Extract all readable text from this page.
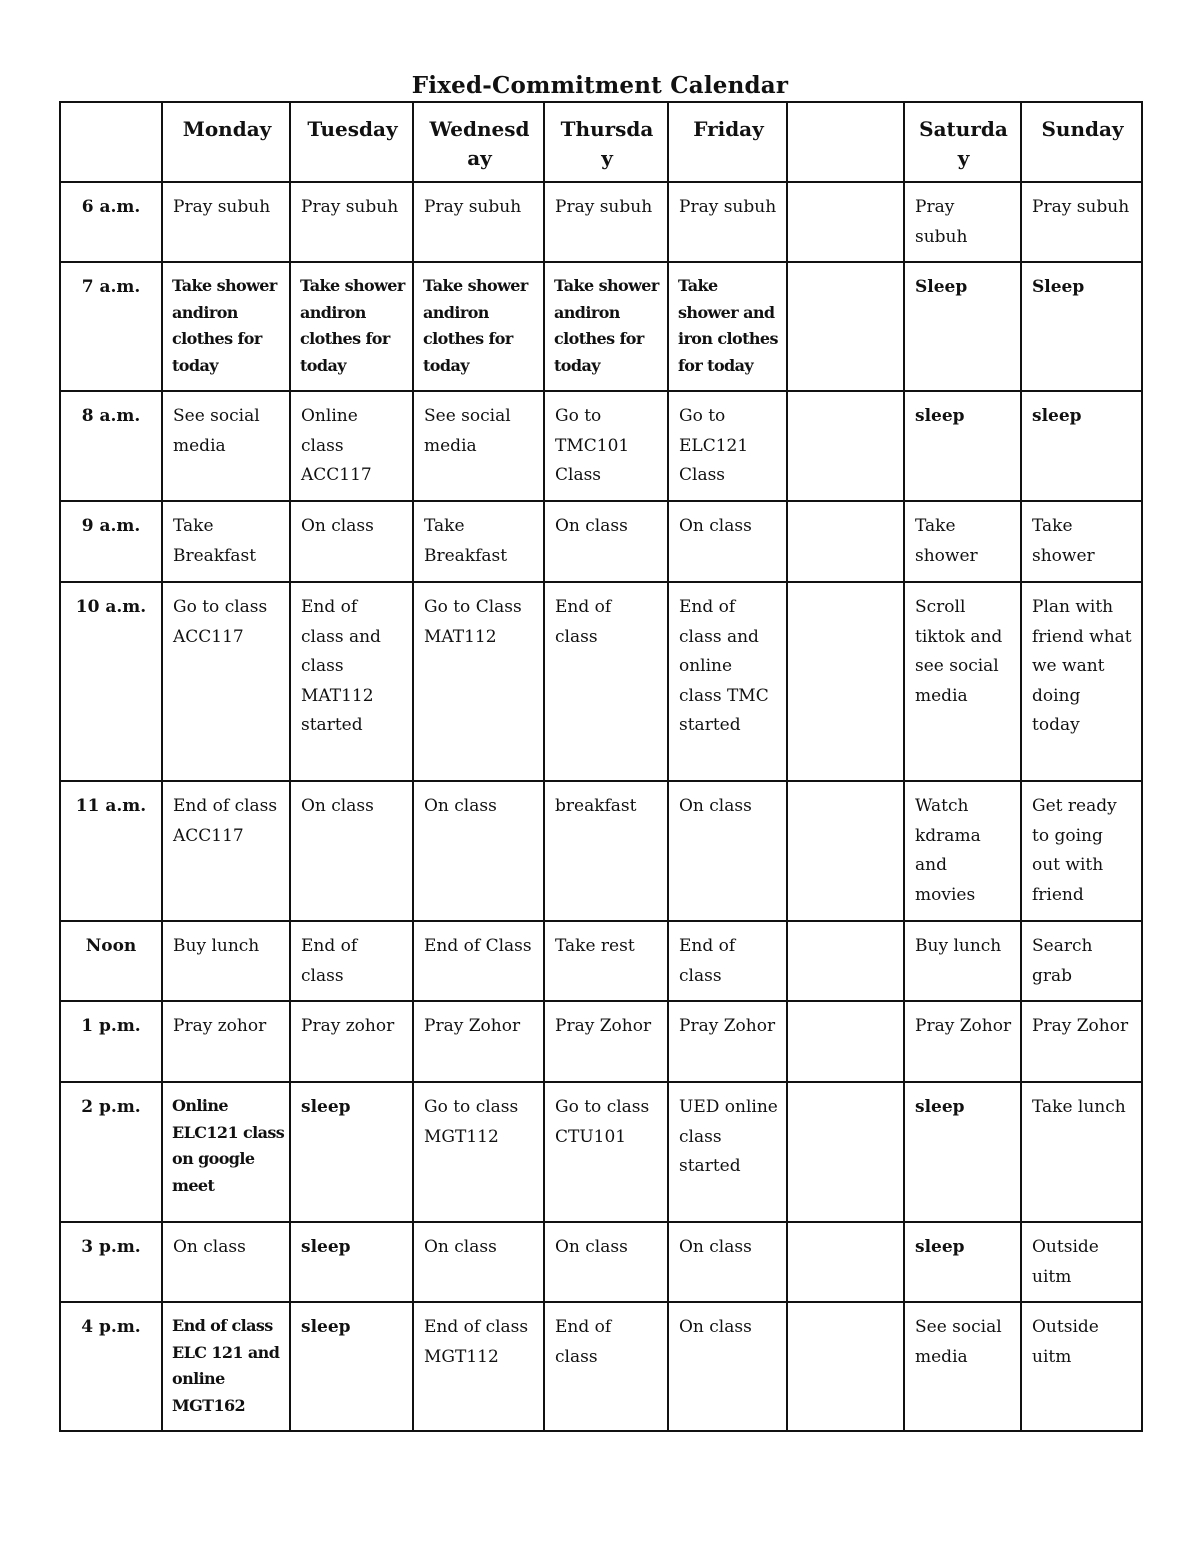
Fixed-Commitment Calendar
	Monday	Tuesday	Wednesday	Thursday	Friday		Saturday	Sunday
6 a.m.	Pray subuh	Pray subuh	Pray subuh	Pray subuh	Pray subuh		Pray subuh	Pray subuh
7 a.m.	Take shower andiron clothes for today	Take shower andiron clothes for today	Take shower andiron clothes for today	Take shower andiron clothes for today	Take shower and iron clothes for today		Sleep	Sleep
8 a.m.	See social media	Online class ACC117	See social media	Go to TMC101 Class	Go to ELC121 Class		sleep	sleep
9 a.m.	Take Breakfast	On class	Take Breakfast	On class	On class		Take shower	Take shower
10 a.m.	Go to class ACC117	End of class and class MAT112 started	Go to Class MAT112	End of class	End of class and online class TMC started		Scroll tiktok and see social media	Plan with friend what we want doing today
11 a.m.	End of class ACC117	On class	On class	breakfast	On class		Watch kdrama and movies	Get ready to going out with friend
Noon	Buy lunch	End of class	End of Class	Take rest	End of class		Buy lunch	Search grab
1 p.m.	Pray zohor	Pray zohor	Pray Zohor	Pray Zohor	Pray Zohor		Pray Zohor	Pray Zohor
2 p.m.	Online ELC121 class on google meet	sleep	Go to class MGT112	Go to class CTU101	UED online class started		sleep	Take lunch
3 p.m.	On class	sleep	On class	On class	On class		sleep	Outside uitm
4 p.m.	End of class ELC 121 and online MGT162	sleep	End of class MGT112	End of class	On class		See social media	Outside uitm
